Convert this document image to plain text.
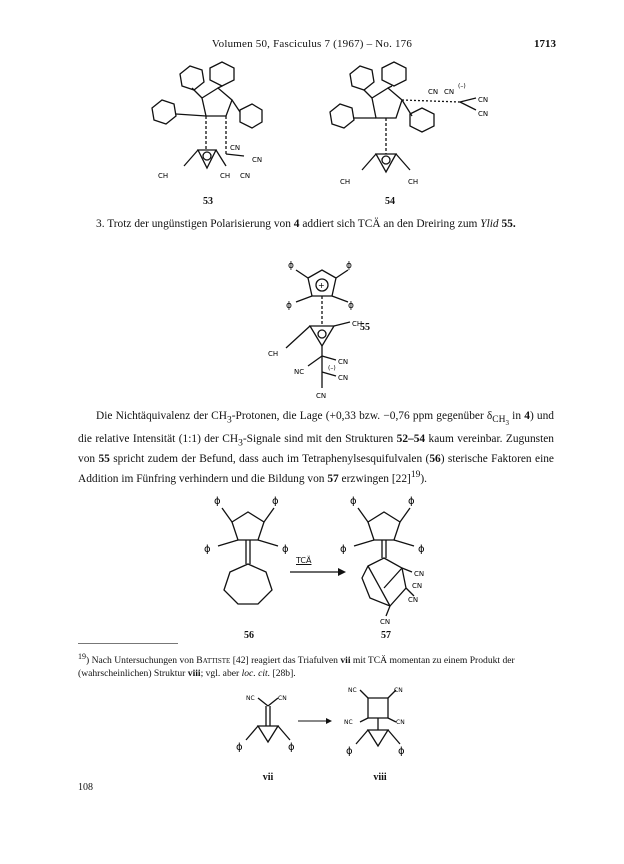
Volumen 50, Fasciculus 7 (1967) – No. 176	1713
CH	CH
CN
CN
CN
53
CN CN
CN
CN
(–)
CH	CH
54
3. Trotz der ungünstigen Polarisierung von 4 addiert sich TCÄ an den Dreiring zum Ylid 55.
ɸ	ɸ
ɸ	ɸ
+
CH
CH
CN
NC
CN
CN
(–)
55
Die Nichtäquivalenz der $CH_3$-Protonen, die Lage (+0,33 bzw. −0,76 ppm gegenüber $\delta_{CH_3}$ in 4) und die relative Intensität (1:1) der $CH_3$-Signale sind mit den Strukturen 52–54 kaum vereinbar. Zugunsten von 55 spricht zudem der Befund, dass auch im Tetraphenylsesquifulvalen (56) sterische Faktoren eine Addition im Fünfring verhindern und die Bildung von 57 erzwingen $[22]^{19}$).
ɸ	ɸ
ɸ	ɸ
56
TCÄ
ɸ	ɸ
ɸ	ɸ
CN
CN
CN
CN
57
$^{19}$) Nach Untersuchungen von Battiste [42] reagiert das Triafulven vii mit TCÄ momentan zu einem Produkt der (wahrscheinlichen) Struktur viii; vgl. aber loc. cit. [28b].
NC	CN
ɸ	ɸ
NC	CN
NC	CN
ɸ	ɸ
vii	viii
108
